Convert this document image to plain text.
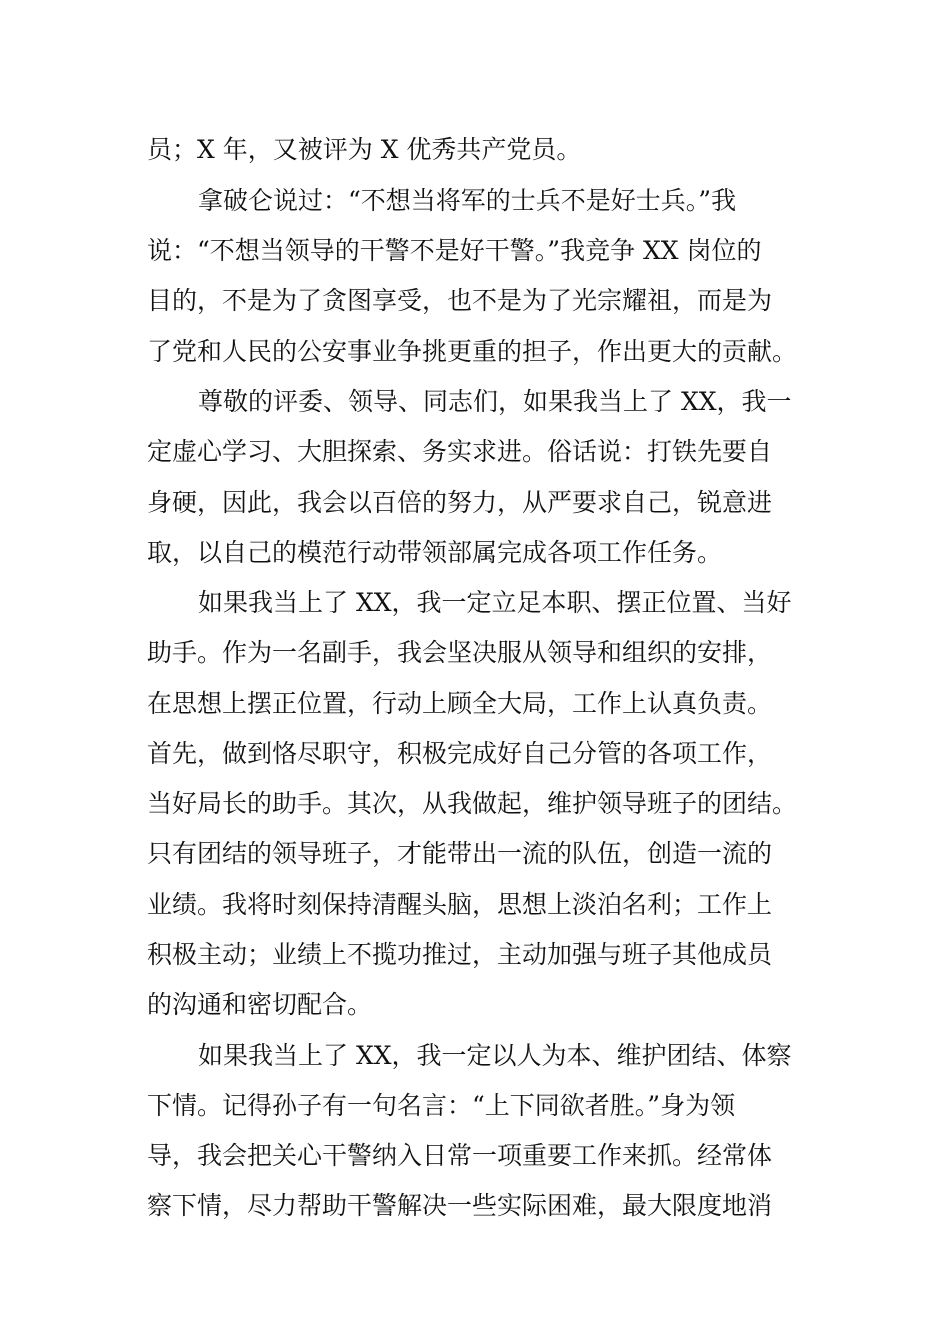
员；X 年，又被评为 X 优秀共产党员。
拿破仑说过：“不想当将军的士兵不是好士兵。”我
说：“不想当领导的干警不是好干警。”我竞争 XX 岗位的
目的，不是为了贪图享受，也不是为了光宗耀祖，而是为
了党和人民的公安事业争挑更重的担子，作出更大的贡献。
尊敬的评委、领导、同志们，如果我当上了 XX，我一
定虚心学习、大胆探索、务实求进。俗话说：打铁先要自
身硬，因此，我会以百倍的努力，从严要求自己，锐意进
取，以自己的模范行动带领部属完成各项工作任务。
如果我当上了 XX，我一定立足本职、摆正位置、当好
助手。作为一名副手，我会坚决服从领导和组织的安排，
在思想上摆正位置，行动上顾全大局，工作上认真负责。
首先，做到恪尽职守，积极完成好自己分管的各项工作，
当好局长的助手。其次，从我做起，维护领导班子的团结。
只有团结的领导班子，才能带出一流的队伍，创造一流的
业绩。我将时刻保持清醒头脑，思想上淡泊名利；工作上
积极主动；业绩上不揽功推过，主动加强与班子其他成员
的沟通和密切配合。
如果我当上了 XX，我一定以人为本、维护团结、体察
下情。记得孙子有一句名言：“上下同欲者胜。”身为领
导，我会把关心干警纳入日常一项重要工作来抓。经常体
察下情，尽力帮助干警解决一些实际困难，最大限度地消
